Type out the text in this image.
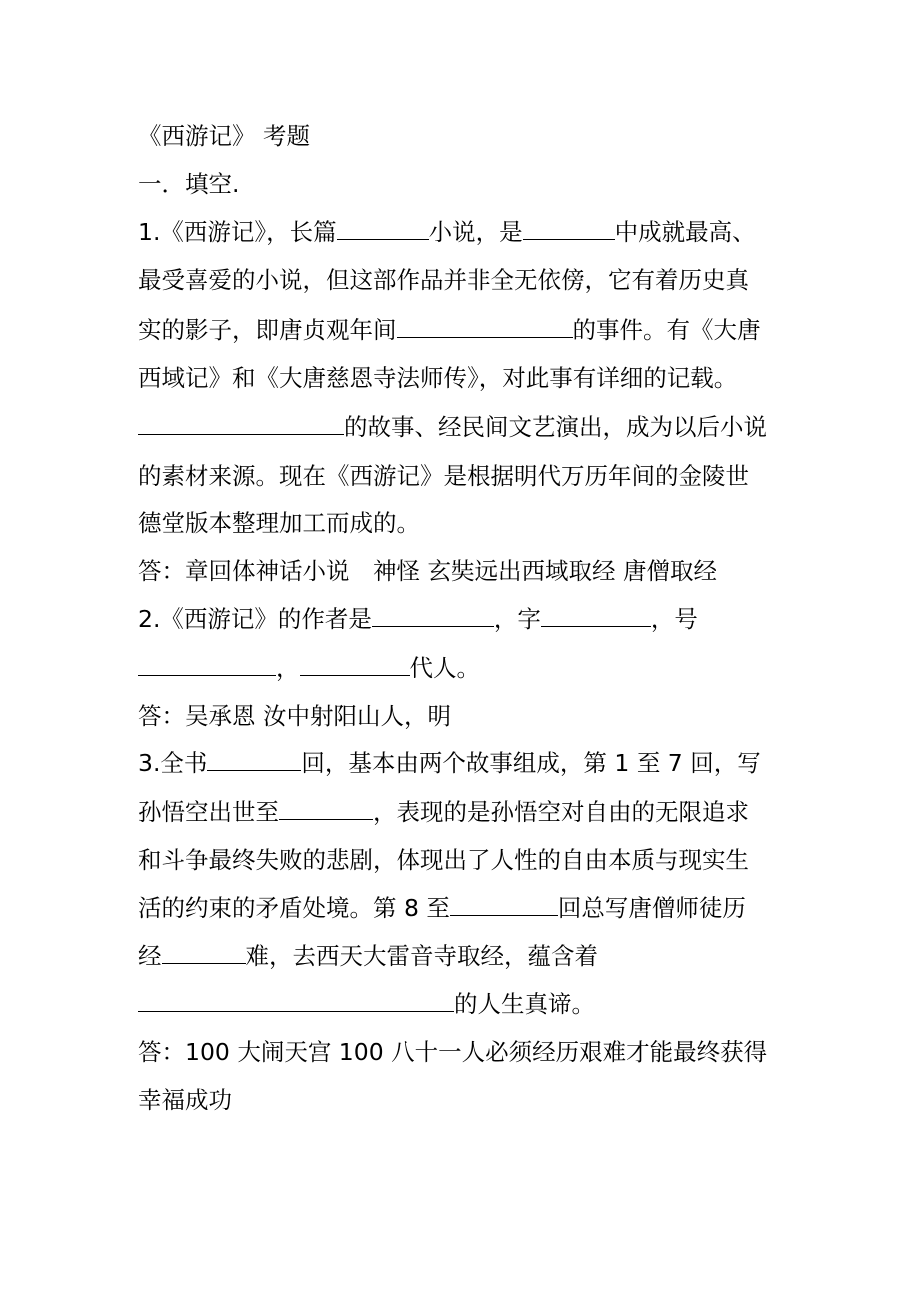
《西游记》 考题
一．填空.
1.《西游记》，长篇	小说，是	中成就最高、
最受喜爱的小说，但这部作品并非全无依傍，它有着历史真
实的影子，即唐贞观年间	的事件。有《大唐
西域记》和《大唐慈恩寺法师传》，对此事有详细的记载。
的故事、经民间文艺演出，成为以后小说
的素材来源。现在《西游记》是根据明代万历年间的金陵世
德堂版本整理加工而成的。
答：章回体神话小说　神怪 玄奘远出西域取经 唐僧取经
2.《西游记》的作者是	，字	，号
，	代人。
答：吴承恩 汝中射阳山人，明
3.全书	回，基本由两个故事组成，第 1 至 7 回，写
孙悟空出世至	，表现的是孙悟空对自由的无限追求
和斗争最终失败的悲剧，体现出了人性的自由本质与现实生
活的约束的矛盾处境。第 8 至	回总写唐僧师徒历
经	难，去西天大雷音寺取经，蕴含着
的人生真谛。
答：100 大闹天宫 100 八十一人必须经历艰难才能最终获得
幸福成功
